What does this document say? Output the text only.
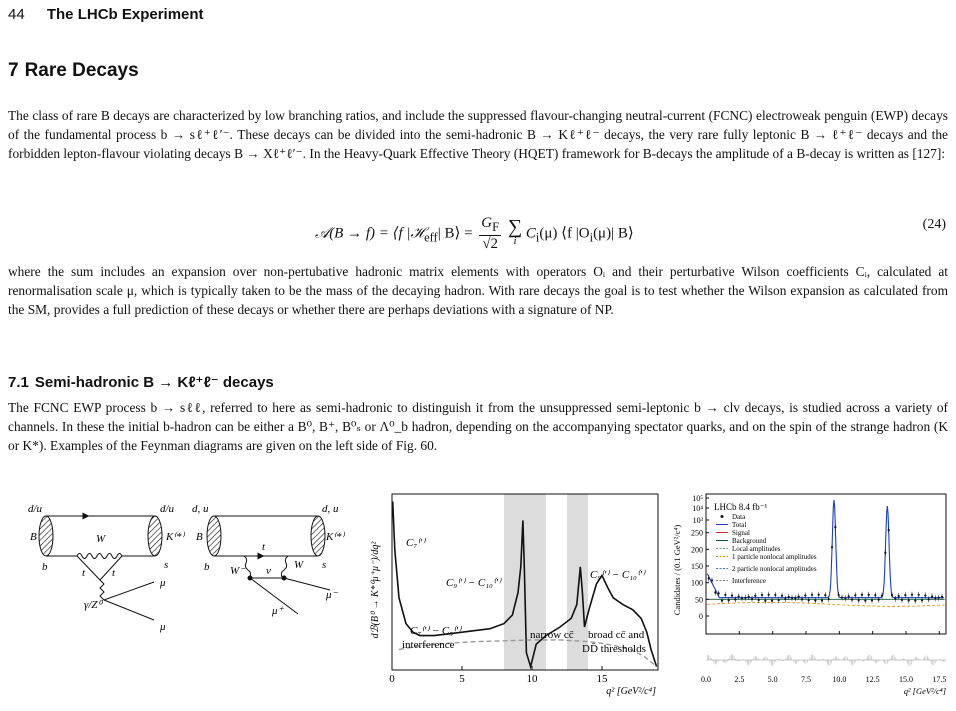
44 The LHCb Experiment
7 Rare Decays

The class of rare B decays are characterized by low branching ratios, and include the suppressed flavour-changing neutral-current (FCNC) electroweak penguin (EWP) decays of the fundamental process b → sℓ⁺ℓ′⁻. These decays can be divided into the semi-hadronic B → Kℓ⁺ℓ⁻ decays, the very rare fully leptonic B → ℓ⁺ℓ⁻ decays and the forbidden lepton-flavour violating decays B → Xℓ⁺ℓ′⁻. In the Heavy-Quark Effective Theory (HQET) framework for B-decays the amplitude of a B-decay is written as [127]:

𝒜(B → f) = ⟨f |ℋ$_{eff}$| B⟩ = $\frac{G_F}{√2}$
∑
i $C_i(\mu)$ ⟨f $|O_i(\mu)|$ B⟩
(24)

where the sum includes an expansion over non-pertubative hadronic matrix elements with operators Oᵢ and their perturbative Wilson coefficients Cᵢ, calculated at renormalisation scale μ, which is typically taken to be the mass of the decaying hadron. With rare decays the goal is to test whether the Wilson expansion as calculated from the SM, provides a full prediction of these decays or whether there are perhaps deviations with a signature of NP.

7.1 Semi-hadronic B → Kℓ⁺ℓ⁻ decays

The FCNC EWP process b → sℓℓ, referred to here as semi-hadronic to distinguish it from the unsuppressed semi-leptonic b → clv decays, is studied across a variety of channels. In these the initial b-hadron can be either a B⁰, B⁺, B⁰ₛ or Λ⁰_b hadron, depending on the accompanying spectator quarks, and on the spin of the strange hadron (K or K*). Examples of the Feynman diagrams are given on the left side of Fig. 60.

d/u	d/u
B
b
W
t t
K⁽*⁾
s
μ
γ/Z⁰
μ
d, u	d, u
B
b
t
W
W⁻ ν
K⁽*⁾
s
μ⁻
μ⁺
0	5	10	15
dℬ(B⁰ → K*⁰μ⁺μ⁻)/dq²
q² [GeV²/c⁴]
C₇⁽′⁾
C₉⁽′⁾ − C₁₀⁽′⁾
C₉⁽′⁾ − C₁₀⁽′⁾
C₇⁽′⁾ − C₉⁽′⁾
interference
narrow cc̄ broad cc̄ and
DD̄ thresholds
0.0	2.5	5.0	7.5	10.0 12.5 15.0 17.5
0
50
100
150
200
250
10³
10⁴
10⁵
LHCb 8.4 fb⁻¹
Data
Total
Signal
Background
Local amplitudes
1 particle nonlocal amplitudes
2 particle nonlocal amplitudes
Interference
Candidates / (0.1 GeV²/c⁴)
q² [GeV²/c⁴]
